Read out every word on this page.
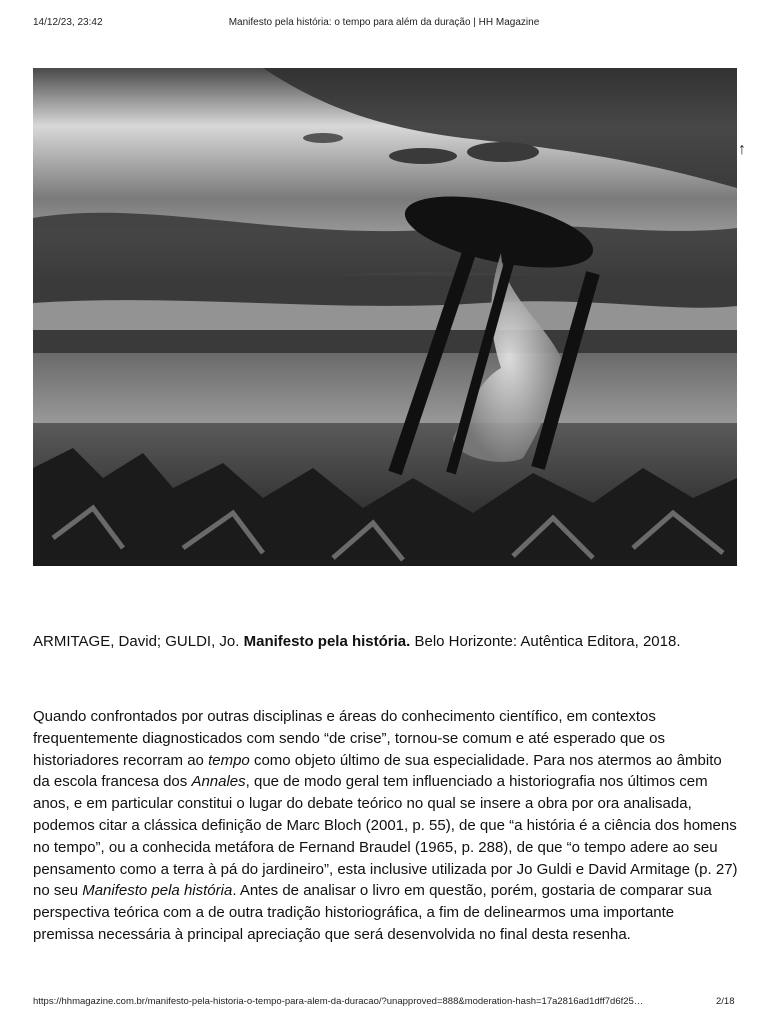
14/12/23, 23:42	Manifesto pela história: o tempo para além da duração | HH Magazine
↑
ARMITAGE, David; GULDI, Jo. Manifesto pela história. Belo Horizonte: Autêntica Editora, 2018.
Quando confrontados por outras disciplinas e áreas do conhecimento científico, em contextos frequentemente diagnosticados com sendo “de crise”, tornou-se comum e até esperado que os historiadores recorram ao tempo como objeto último de sua especialidade. Para nos atermos ao âmbito da escola francesa dos Annales, que de modo geral tem influenciado a historiografia nos últimos cem anos, e em particular constitui o lugar do debate teórico no qual se insere a obra por ora analisada, podemos citar a clássica definição de Marc Bloch (2001, p. 55), de que “a história é a ciência dos homens no tempo”, ou a conhecida metáfora de Fernand Braudel (1965, p. 288), de que “o tempo adere ao seu pensamento como a terra à pá do jardineiro”, esta inclusive utilizada por Jo Guldi e David Armitage (p. 27) no seu Manifesto pela história. Antes de analisar o livro em questão, porém, gostaria de comparar sua perspectiva teórica com a de outra tradição historiográfica, a fim de delinearmos uma importante premissa necessária à principal apreciação que será desenvolvida no final desta resenha.
https://hhmagazine.com.br/manifesto-pela-historia-o-tempo-para-alem-da-duracao/?unapproved=888&moderation-hash=17a2816ad1dff7d6f25…	2/18
